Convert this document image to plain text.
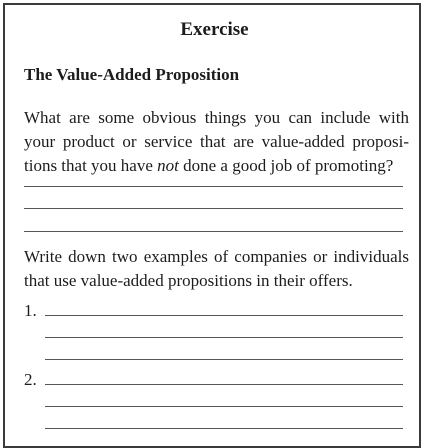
Exercise
The Value-Added Proposition
What are some obvious things you can include with
your product or service that are value-added proposi-
tions that you have not done a good job of promoting?
Write down two examples of companies or individuals
that use value-added propositions in their offers.
1.
2.
